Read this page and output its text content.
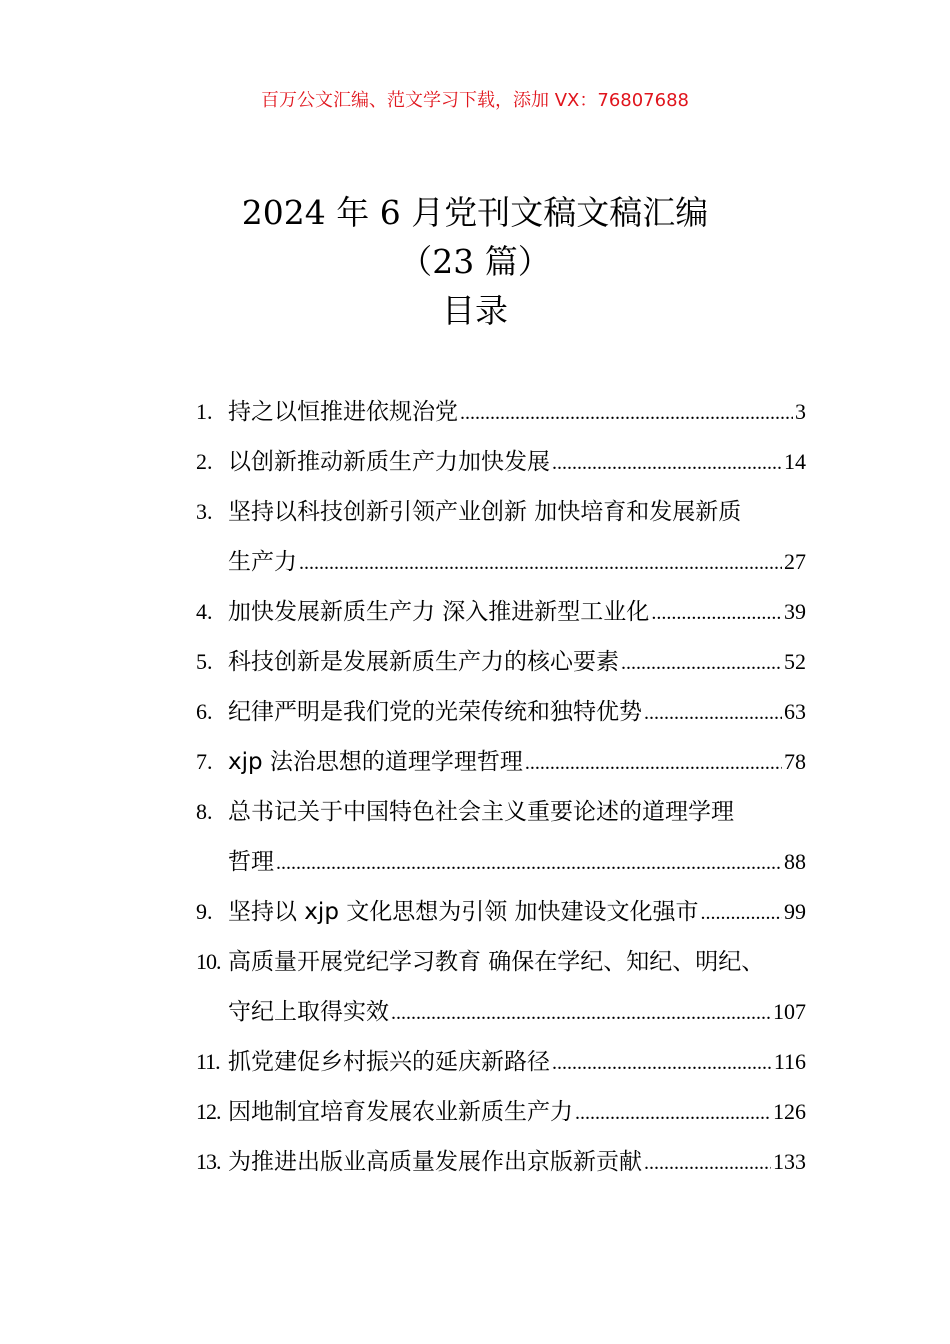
百万公文汇编、范文学习下载，添加 VX：76807688
2024 年 6 月党刊文稿文稿汇编
（23 篇）
目录
1. 持之以恒推进依规治党 .....	3
2. 以创新推动新质生产力加快发展 .....	14
3. 坚持以科技创新引领产业创新 加快培育和发展新质
生产力 .....	27
4. 加快发展新质生产力 深入推进新型工业化 .....	39
5. 科技创新是发展新质生产力的核心要素 .....	52
6. 纪律严明是我们党的光荣传统和独特优势 .....	63
7. xjp 法治思想的道理学理哲理 .....	78
8. 总书记关于中国特色社会主义重要论述的道理学理
哲理 .....	88
9. 坚持以 xjp 文化思想为引领 加快建设文化强市 .....	99
10. 高质量开展党纪学习教育 确保在学纪、知纪、明纪、
守纪上取得实效 .....	107
11. 抓党建促乡村振兴的延庆新路径 .....	116
12. 因地制宜培育发展农业新质生产力 .....	126
13. 为推进出版业高质量发展作出京版新贡献 .....	133
